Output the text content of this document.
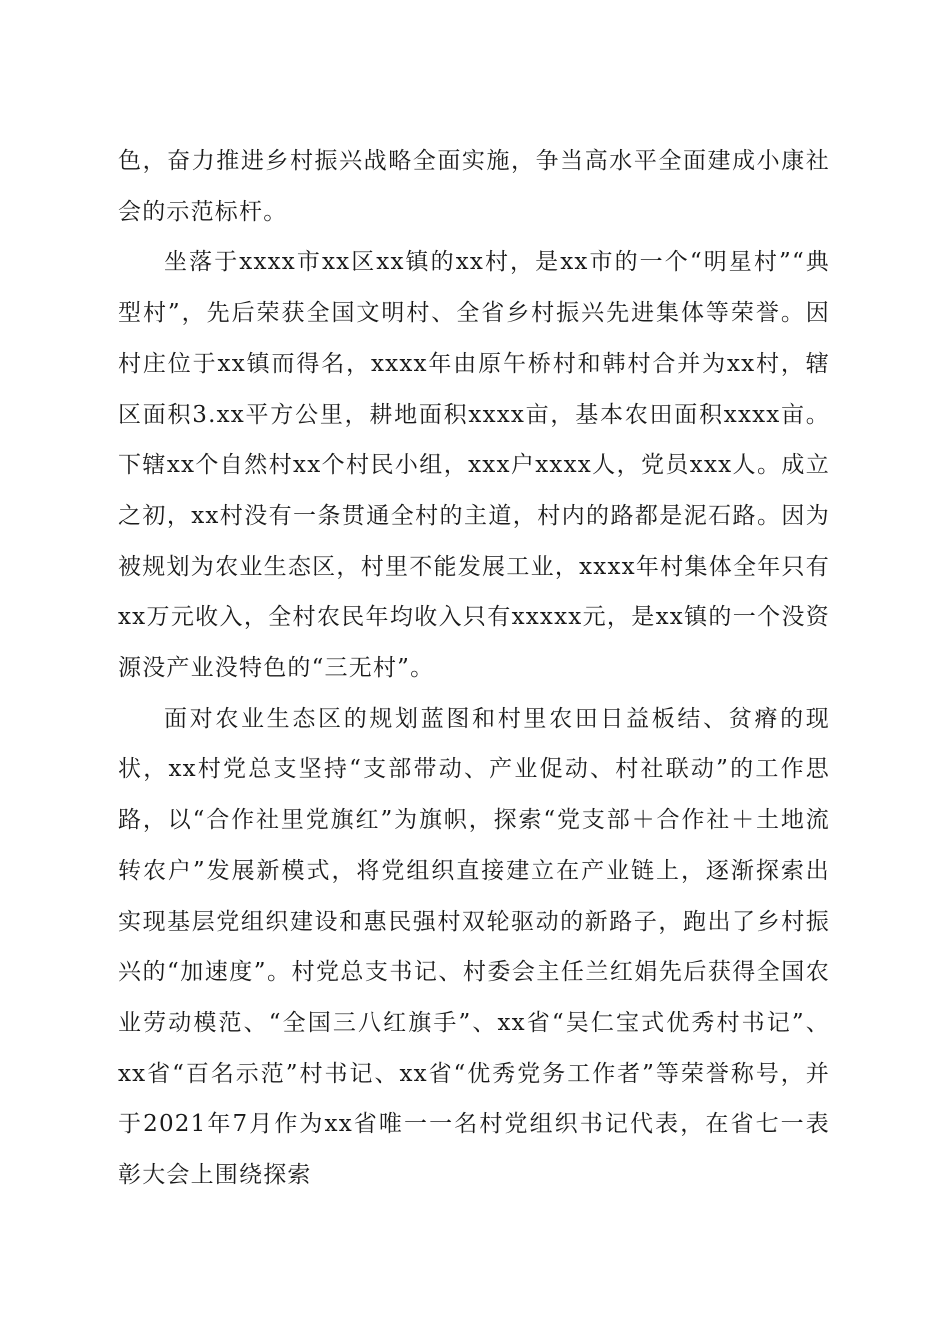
色，奋力推进乡村振兴战略全面实施，争当高水平全面建成小康社会的示范标杆。

坐落于xxxx市xx区xx镇的xx村，是xx市的一个“明星村”“典型村”，先后荣获全国文明村、全省乡村振兴先进集体等荣誉。因村庄位于xx镇而得名，xxxx年由原午桥村和韩村合并为xx村，辖区面积3.xx平方公里，耕地面积xxxx亩，基本农田面积xxxx亩。下辖xx个自然村xx个村民小组，xxx户xxxx人，党员xxx人。成立之初，xx村没有一条贯通全村的主道，村内的路都是泥石路。因为被规划为农业生态区，村里不能发展工业，xxxx年村集体全年只有xx万元收入，全村农民年均收入只有xxxxx元，是xx镇的一个没资源没产业没特色的“三无村”。

面对农业生态区的规划蓝图和村里农田日益板结、贫瘠的现状，xx村党总支坚持“支部带动、产业促动、村社联动”的工作思路，以“合作社里党旗红”为旗帜，探索“党支部＋合作社＋土地流转农户”发展新模式，将党组织直接建立在产业链上，逐渐探索出实现基层党组织建设和惠民强村双轮驱动的新路子，跑出了乡村振兴的“加速度”。村党总支书记、村委会主任兰红娟先后获得全国农业劳动模范、“全国三八红旗手”、xx省“吴仁宝式优秀村书记”、xx省“百名示范”村书记、xx省“优秀党务工作者”等荣誉称号，并于2021年7月作为xx省唯一一名村党组织书记代表，在省七一表彰大会上围绕探索
